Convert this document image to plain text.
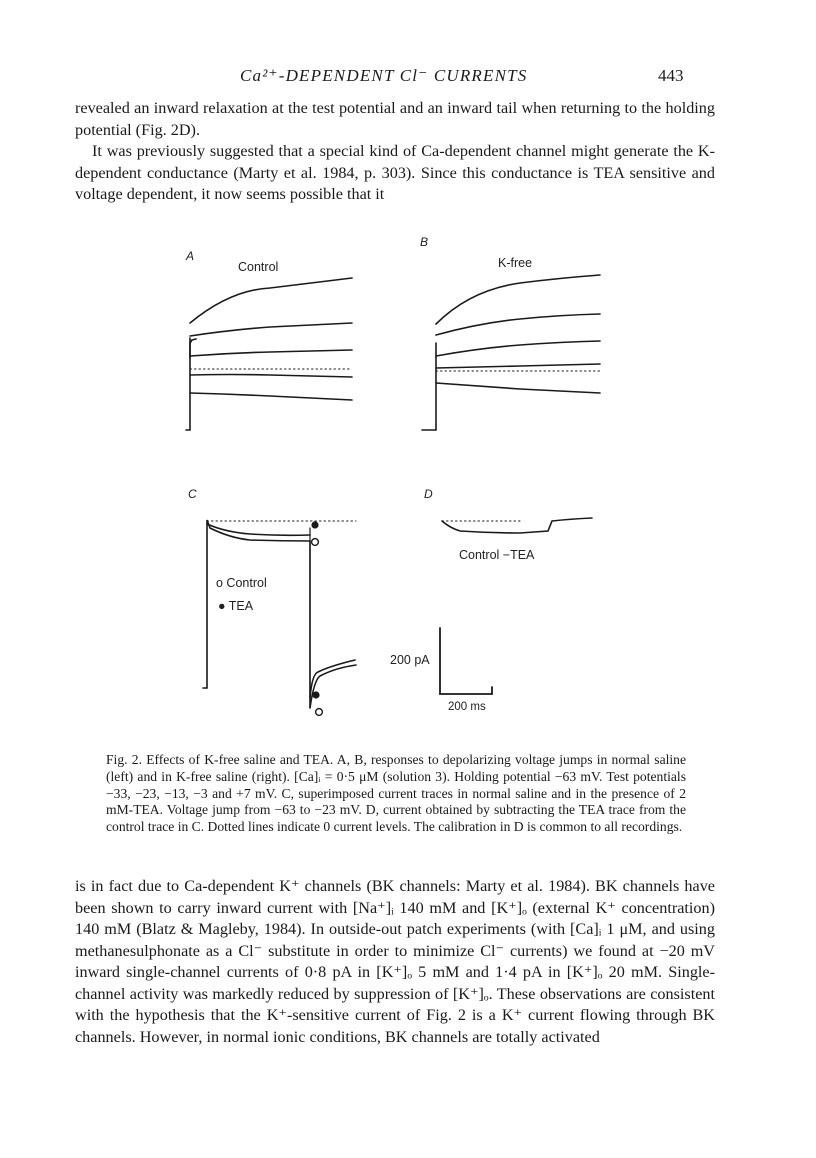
Ca²⁺-DEPENDENT Cl⁻ CURRENTS	443

revealed an inward relaxation at the test potential and an inward tail when returning to the holding potential (Fig. 2D).

It was previously suggested that a special kind of Ca-dependent channel might generate the K-dependent conductance (Marty et al. 1984, p. 303). Since this conductance is TEA sensitive and voltage dependent, it now seems possible that it

A
Control
B
K-free
C	D
Control −TEA
o Control
● TEA
200 pA
200 ms

Fig. 2. Effects of K-free saline and TEA. A, B, responses to depolarizing voltage jumps in normal saline (left) and in K-free saline (right). [Ca]ᵢ = 0·5 μM (solution 3). Holding potential −63 mV. Test potentials −33, −23, −13, −3 and +7 mV. C, superimposed current traces in normal saline and in the presence of 2 mM-TEA. Voltage jump from −63 to −23 mV. D, current obtained by subtracting the TEA trace from the control trace in C. Dotted lines indicate 0 current levels. The calibration in D is common to all recordings.

is in fact due to Ca-dependent K⁺ channels (BK channels: Marty et al. 1984). BK channels have been shown to carry inward current with [Na⁺]ᵢ 140 mM and [K⁺]ₒ (external K⁺ concentration) 140 mM (Blatz & Magleby, 1984). In outside-out patch experiments (with [Ca]ᵢ 1 μM, and using methanesulphonate as a Cl⁻ substitute in order to minimize Cl⁻ currents) we found at −20 mV inward single-channel currents of 0·8 pA in [K⁺]ₒ 5 mM and 1·4 pA in [K⁺]ₒ 20 mM. Single-channel activity was markedly reduced by suppression of [K⁺]ₒ. These observations are consistent with the hypothesis that the K⁺-sensitive current of Fig. 2 is a K⁺ current flowing through BK channels. However, in normal ionic conditions, BK channels are totally activated
